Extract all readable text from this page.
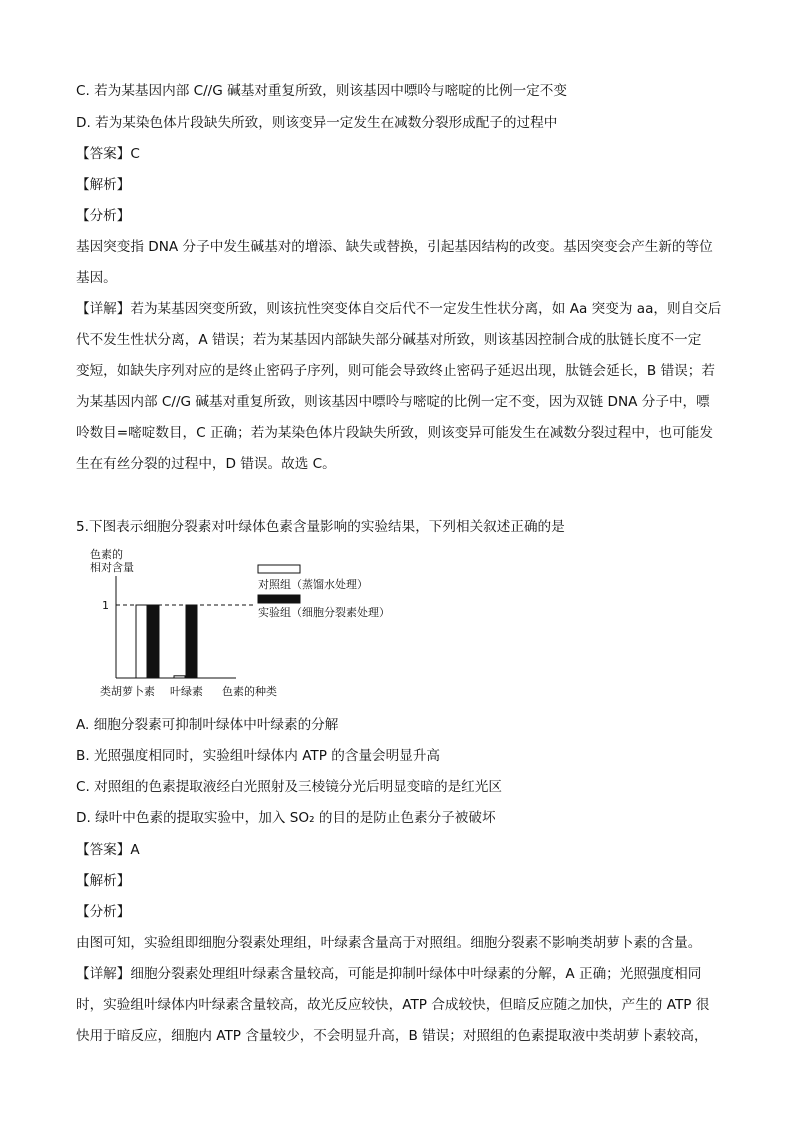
C. 若为某基因内部 C//G 碱基对重复所致，则该基因中嘌呤与嘧啶的比例一定不变
D. 若为某染色体片段缺失所致，则该变异一定发生在减数分裂形成配子的过程中
【答案】C
【解析】
【分析】
基因突变指 DNA 分子中发生碱基对的增添、缺失或替换，引起基因结构的改变。基因突变会产生新的等位
基因。
【详解】若为某基因突变所致，则该抗性突变体自交后代不一定发生性状分离，如 Aa 突变为 aa，则自交后
代不发生性状分离，A 错误；若为某基因内部缺失部分碱基对所致，则该基因控制合成的肽链长度不一定
变短，如缺失序列对应的是终止密码子序列，则可能会导致终止密码子延迟出现，肽链会延长，B 错误；若
为某基因内部 C//G 碱基对重复所致，则该基因中嘌呤与嘧啶的比例一定不变，因为双链 DNA 分子中，嘌
呤数目=嘧啶数目，C 正确；若为某染色体片段缺失所致，则该变异可能发生在减数分裂过程中，也可能发
生在有丝分裂的过程中，D 错误。故选 C。
5.下图表示细胞分裂素对叶绿体色素含量影响的实验结果，下列相关叙述正确的是
色素的
相对含量
1
类胡萝卜素 叶绿素 色素的种类
对照组（蒸馏水处理）
实验组（细胞分裂素处理）
A. 细胞分裂素可抑制叶绿体中叶绿素的分解
B. 光照强度相同时，实验组叶绿体内 ATP 的含量会明显升高
C. 对照组的色素提取液经白光照射及三棱镜分光后明显变暗的是红光区
D. 绿叶中色素的提取实验中，加入 SO₂ 的目的是防止色素分子被破坏
【答案】A
【解析】
【分析】
由图可知，实验组即细胞分裂素处理组，叶绿素含量高于对照组。细胞分裂素不影响类胡萝卜素的含量。
【详解】细胞分裂素处理组叶绿素含量较高，可能是抑制叶绿体中叶绿素的分解，A 正确；光照强度相同
时，实验组叶绿体内叶绿素含量较高，故光反应较快，ATP 合成较快，但暗反应随之加快，产生的 ATP 很
快用于暗反应，细胞内 ATP 含量较少，不会明显升高，B 错误；对照组的色素提取液中类胡萝卜素较高，
